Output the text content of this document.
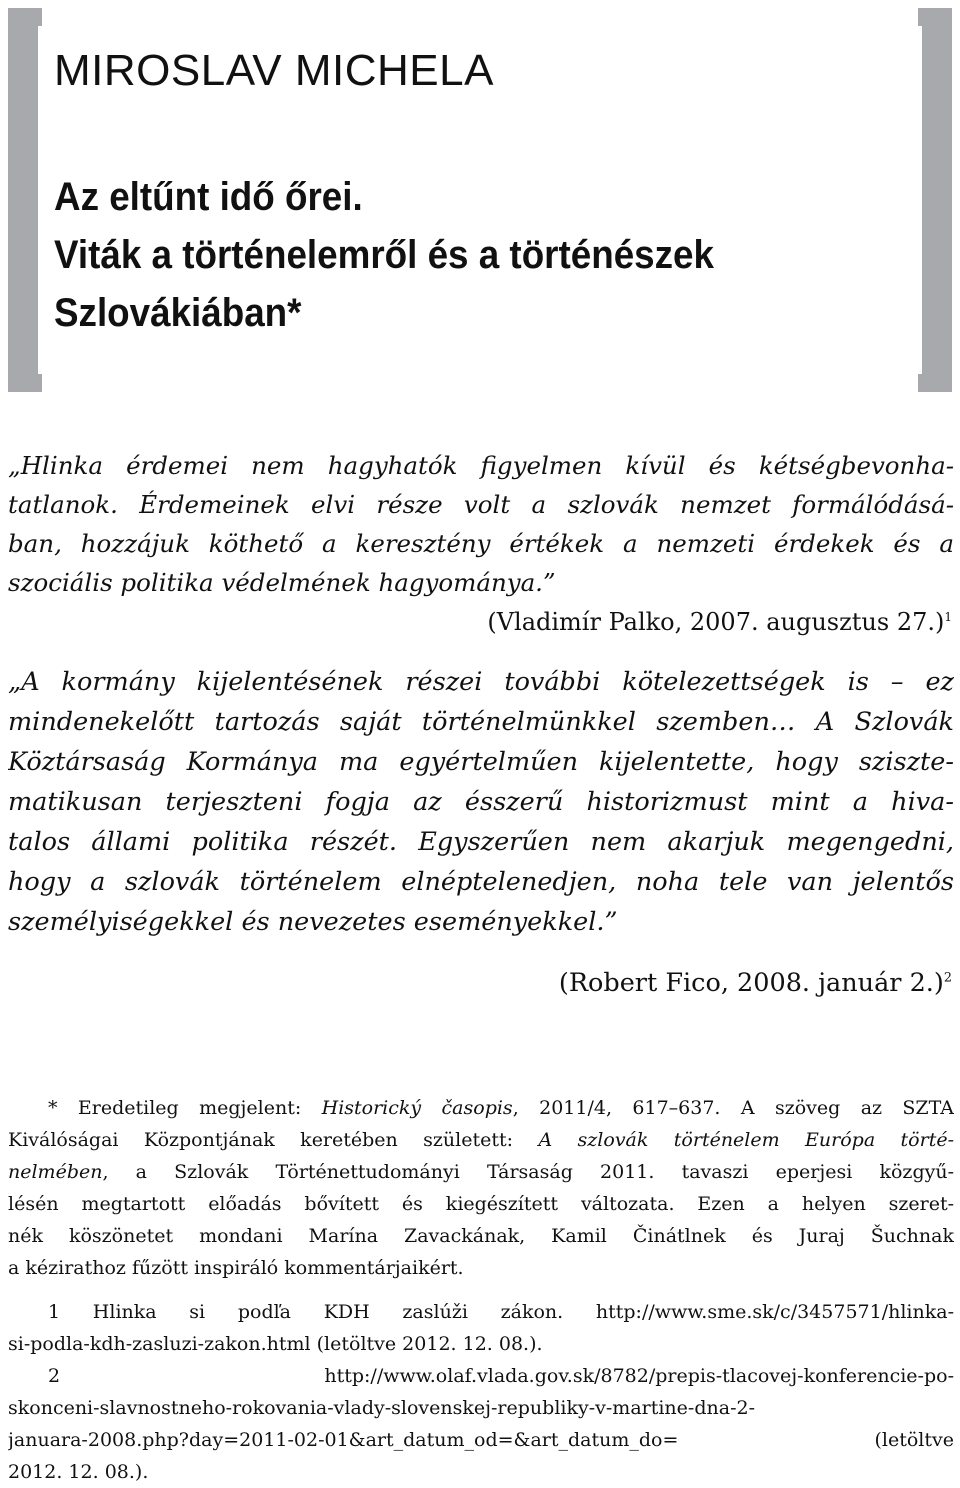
MIROSLAV MICHELA
Az eltűnt idő őrei.
Viták a történelemről és a történészek
Szlovákiában*
„Hlinka érdemei nem hagyhatók figyelmen kívül és kétségbevonha-
tatlanok. Érdemeinek elvi része volt a szlovák nemzet formálódásá-
ban, hozzájuk köthető a keresztény értékek a nemzeti érdekek és a
szociális politika védelmének hagyománya.”
(Vladimír Palko, 2007. augusztus 27.)$^1$
„A kormány kijelentésének részei további kötelezettségek is – ez
mindenekelőtt tartozás saját történelmünkkel szemben… A Szlovák
Köztársaság Kormánya ma egyértelműen kijelentette, hogy szisztе-
matikusan terjeszteni fogja az ésszerű historizmust mint a hiva-
talos állami politika részét. Egyszerűen nem akarjuk megengedni,
hogy a szlovák történelem elnéptelenedjen, noha tele van jelentős
személyiségekkel és nevezetes eseményekkel.”
(Robert Fico, 2008. január 2.)$^2$
* Eredetileg megjelent: Historický časopis, 2011/4, 617–637. A szöveg az SZTA
Kiválóságai Központjának keretében született: A szlovák történelem Európa törté-
nelmében, a Szlovák Történettudományi Társaság 2011. tavaszi eperjesi közgyű-
lésén megtartott előadás bővített és kiegészített változata. Ezen a helyen szeret-
nék köszönetet mondani Marína Zavackának, Kamil Činátlnek és Juraj Šuchnak
a kézirathoz fűzött inspiráló kommentárjaikért.
1 Hlinka si podľa KDH zaslúži zákon. http://www.sme.sk/c/3457571/hlinka-
si-podla-kdh-zasluzi-zakon.html (letöltve 2012. 12. 08.).
2 http://www.olaf.vlada.gov.sk/8782/prepis-tlacovej-konferencie-po-
skonceni-slavnostneho-rokovania-vlady-slovenskej-republiky-v-martine-dna-2-
januara-2008.php?day=2011-02-01&art_datum_od=&art_datum_do= (letöltve
2012. 12. 08.).
